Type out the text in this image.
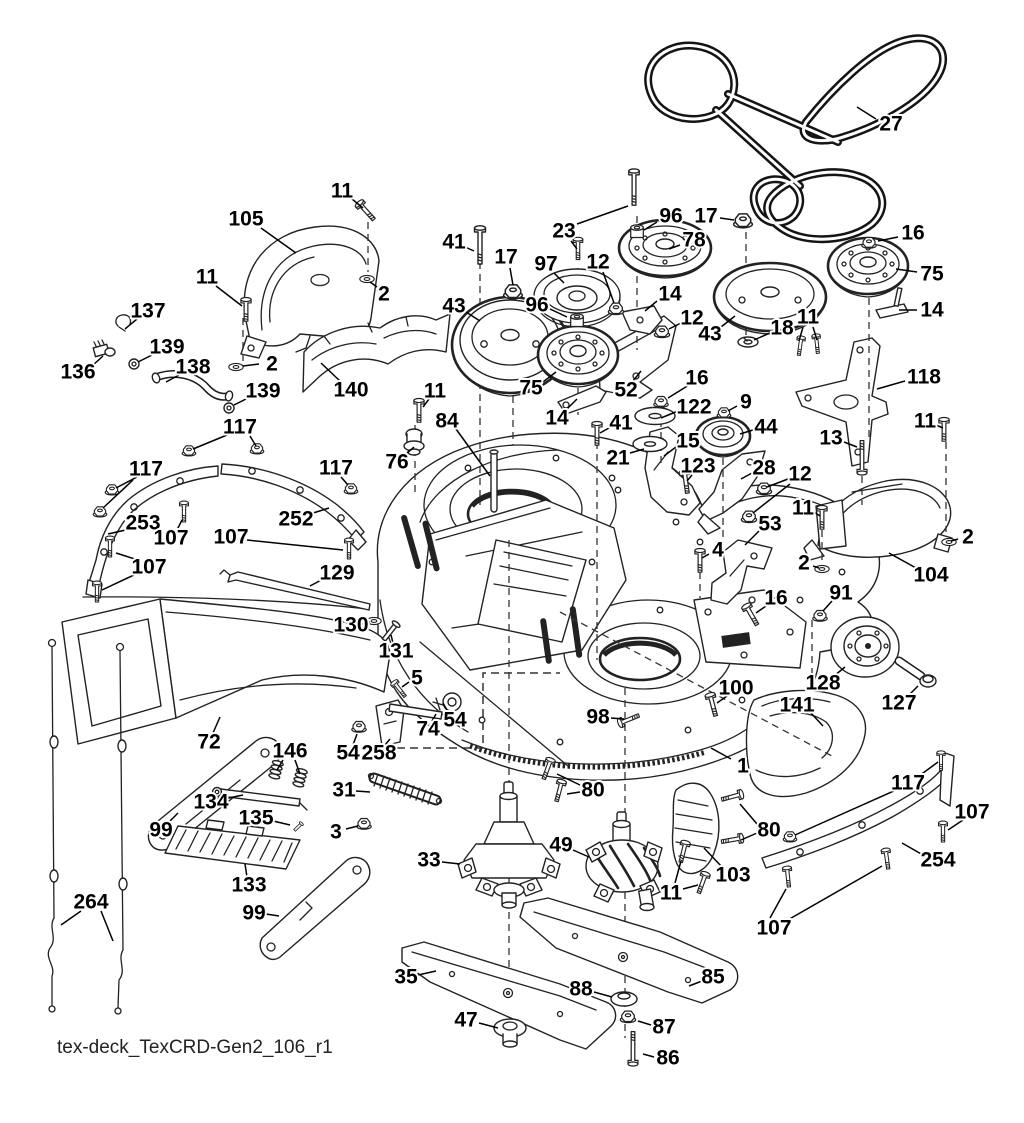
27
11
105
2
11
137
136
139
138
139
2
140
41
17
23
96 17
78
12
97
96	14
12
43
43
16
75
14
18 11
118
13
11
9
122
44
41
15
21 123 28 12
11
53
4
2
2
104
16 91
76
84
129
130
131
5
74 54
54 258
72 146
134
135
31
3
99
133
99
264
117
117	117
253	252
107 107
107
107
117
254
80
103
107
128
127
141
100
98
1
80
33
49
11
35	85
88
47	87
86
52
14
75	16
11
tex-deck_TexCRD-Gen2_106_r1
